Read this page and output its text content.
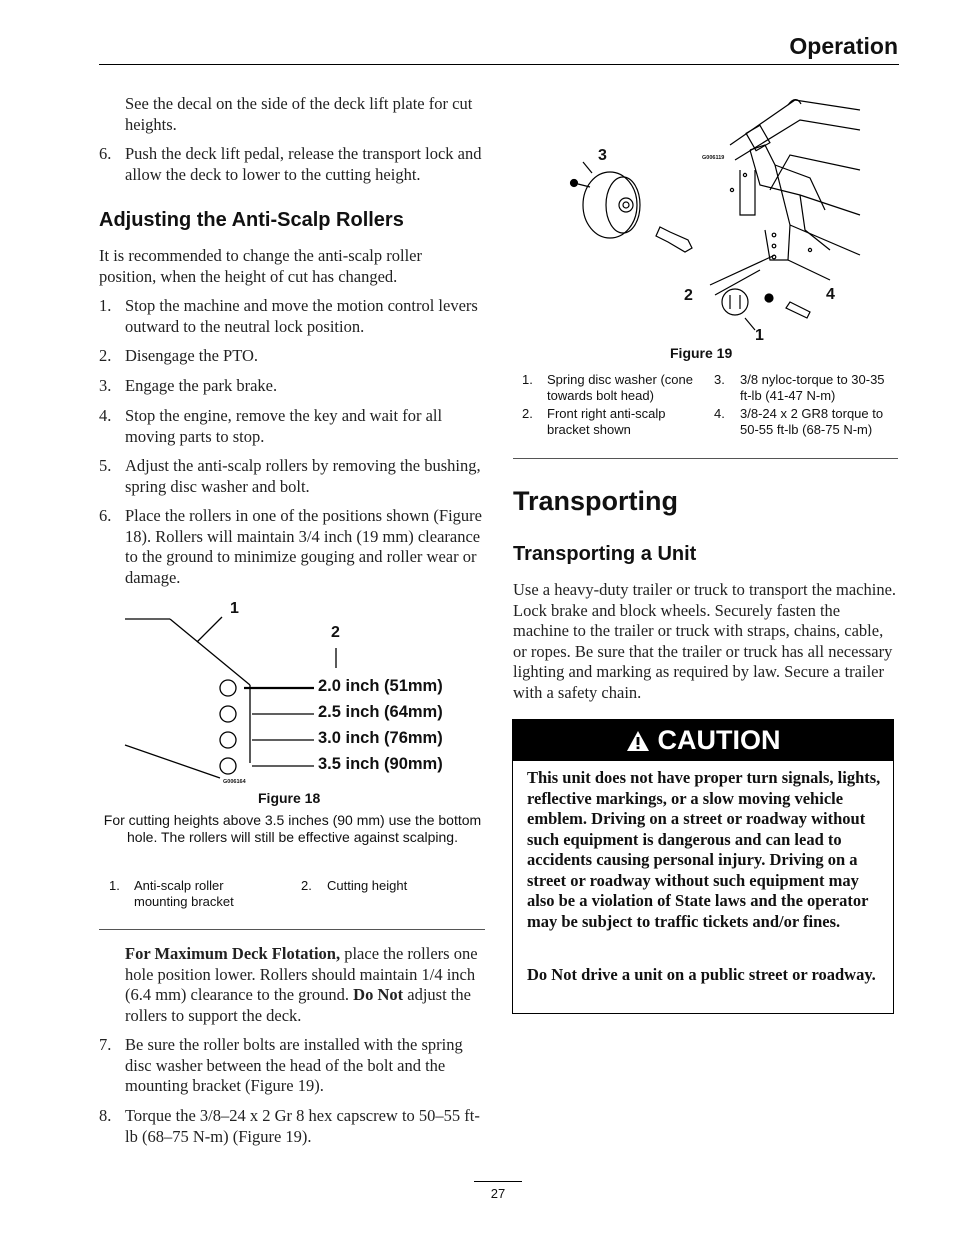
Operation
See the decal on the side of the deck lift plate for cut heights.
6. Push the deck lift pedal, release the transport lock and allow the deck to lower to the cutting height.
Adjusting the Anti-Scalp Rollers
It is recommended to change the anti-scalp roller position, when the height of cut has changed.
1. Stop the machine and move the motion control levers outward to the neutral lock position.
2. Disengage the PTO.
3. Engage the park brake.
4. Stop the engine, remove the key and wait for all moving parts to stop.
5. Adjust the anti-scalp rollers by removing the bushing, spring disc washer and bolt.
6. Place the rollers in one of the positions shown (Figure 18). Rollers will maintain 3/4 inch (19 mm) clearance to the ground to minimize gouging and roller wear or damage.
1
2
2.0 inch (51mm)
2.5 inch (64mm)
3.0 inch (76mm)
3.5 inch (90mm)
G006164
Figure 18
For cutting heights above 3.5 inches (90 mm) use the bottom hole. The rollers will still be effective against scalping.
1. Anti-scalp roller mounting bracket
2. Cutting height
For Maximum Deck Flotation, place the rollers one hole position lower. Rollers should maintain 1/4 inch (6.4 mm) clearance to the ground. Do Not adjust the rollers to support the deck.
7. Be sure the roller bolts are installed with the spring disc washer between the head of the bolt and the mounting bracket (Figure 19).
8. Torque the 3/8–24 x 2 Gr 8 hex capscrew to 50–55 ft-lb (68–75 N-m) (Figure 19).
3
2	4
1
G006119
Figure 19
1. Spring disc washer (cone towards bolt head)
2. Front right anti-scalp bracket shown
3. 3/8 nyloc-torque to 30-35 ft-lb (41-47 N-m)
4. 3/8-24 x 2 GR8 torque to 50-55 ft-lb (68-75 N-m)
Transporting
Transporting a Unit
Use a heavy-duty trailer or truck to transport the machine. Lock brake and block wheels. Securely fasten the machine to the trailer or truck with straps, chains, cable, or ropes. Be sure that the trailer or truck has all necessary lighting and marking as required by law. Secure a trailer with a safety chain.
CAUTION
This unit does not have proper turn signals, lights, reflective markings, or a slow moving vehicle emblem. Driving on a street or roadway without such equipment is dangerous and can lead to accidents causing personal injury. Driving on a street or roadway without such equipment may also be a violation of State laws and the operator may be subject to traffic tickets and/or fines.
Do Not drive a unit on a public street or roadway.
27
